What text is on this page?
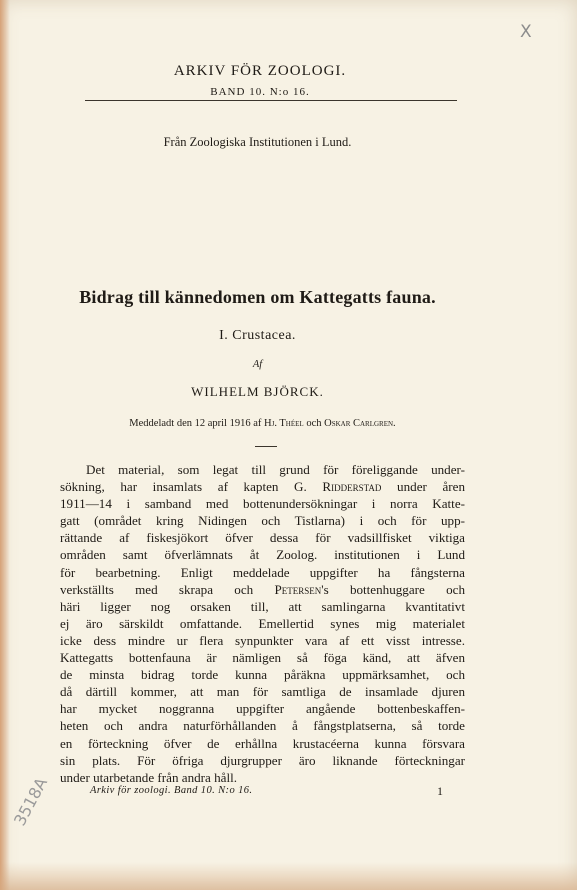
X
3518A
ARKIV FÖR ZOOLOGI.
BAND 10. N:o 16.
Från Zoologiska Institutionen i Lund.
Bidrag till kännedomen om Kattegatts fauna.
I. Crustacea.
Af
WILHELM BJÖRCK.
Meddeladt den 12 april 1916 af Hj. Théel och Oskar Carlgren.
Det material, som legat till grund för föreliggande under-
sökning, har insamlats af kapten G. Ridderstad under åren
1911—14 i samband med bottenundersökningar i norra Katte-
gatt (området kring Nidingen och Tistlarna) i och för upp-
rättande af fiskesjökort öfver dessa för vadsillfisket viktiga
områden samt öfverlämnats åt Zoolog. institutionen i Lund
för bearbetning. Enligt meddelade uppgifter ha fångsterna
verkställts med skrapa och Petersen's bottenhuggare och
häri ligger nog orsaken till, att samlingarna kvantitativt
ej äro särskildt omfattande. Emellertid synes mig materialet
icke dess mindre ur flera synpunkter vara af ett visst intresse.
Kattegatts bottenfauna är nämligen så föga känd, att äfven
de minsta bidrag torde kunna påräkna uppmärksamhet, och
då därtill kommer, att man för samtliga de insamlade djuren
har mycket noggranna uppgifter angående bottenbeskaffen-
heten och andra naturförhållanden å fångstplatserna, så torde
en förteckning öfver de erhållna krustacéerna kunna försvara
sin plats. För öfriga djurgrupper äro liknande förteckningar
under utarbetande från andra håll.
Arkiv för zoologi. Band 10. N:o 16.	1
